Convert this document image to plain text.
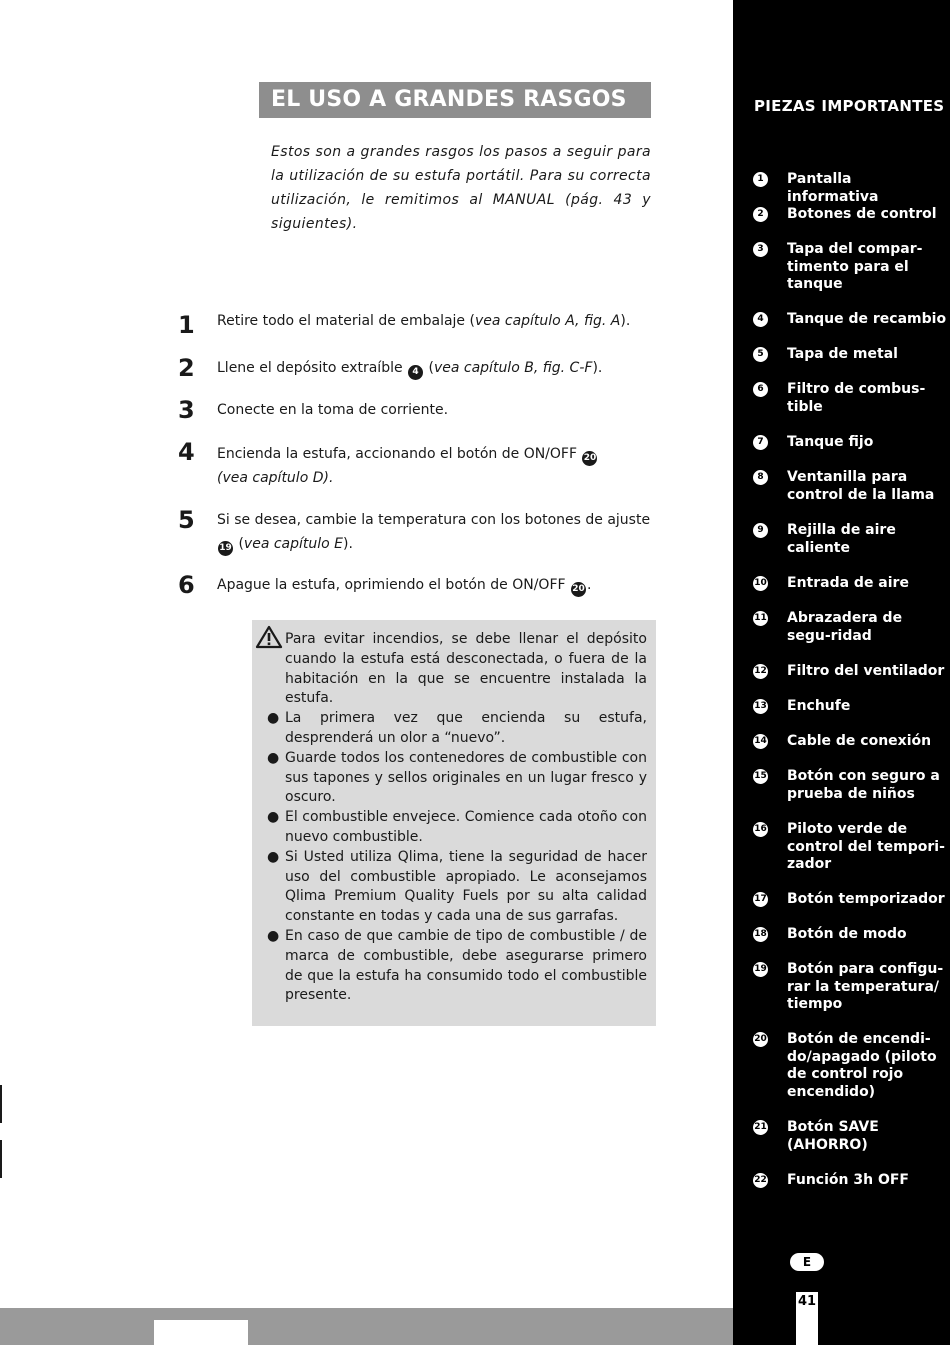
EL USO A GRANDES RASGOS
Estos son a grandes rasgos los pasos a seguir para la utilización de su estufa portátil. Para su correcta utilización, le remitimos al MANUAL (pág. 43 y siguientes).
1 Retire todo el material de embalaje (vea capítulo A, fig. A).
2 Llene el depósito extraíble 4 (vea capítulo B, fig. C-F).
3 Conecte en la toma de corriente.
4 Encienda la estufa, accionando el botón de ON/OFF 20
(vea capítulo D).
5 Si se desea, cambie la temperatura con los botones de ajuste
19 (vea capítulo E).
6 Apague la estufa, oprimiendo el botón de ON/OFF 20 .
Para evitar incendios, se debe llenar el depósito cuando la estufa está desconectada, o fuera de la habitación en la que se encuentre instalada la estufa.
● La primera vez que encienda su estufa, desprenderá un olor a “nuevo”.
● Guarde todos los contenedores de combustible con sus tapones y sellos originales en un lugar fresco y oscuro.
● El combustible envejece. Comience cada otoño con nuevo combustible.
● Si Usted utiliza Qlima, tiene la seguridad de hacer uso del combustible apropiado. Le aconsejamos Qlima Premium Quality Fuels por su alta calidad constante en todas y cada una de sus garrafas.
● En caso de que cambie de tipo de combustible / de marca de combustible, debe asegurarse primero de que la estufa ha consumido todo el combustible presente.
PIEZAS IMPORTANTES
1	Pantalla informativa
2	Botones de control
3	Tapa del compar-timento para el tanque
4	Tanque de recambio
5	Tapa de metal
6	Filtro de combus-tible
7	Tanque fijo
8	Ventanilla para control de la llama
9	Rejilla de aire caliente
10 Entrada de aire
11 Abrazadera de segu-ridad
12 Filtro del ventilador
13 Enchufe
14 Cable de conexión
15 Botón con seguro a prueba de niños
16 Piloto verde de control del tempori-zador
17 Botón temporizador
18 Botón de modo
19 Botón para configu-rar la temperatura/ tiempo
20 Botón de encendi-do/apagado (piloto de control rojo encendido)
21 Botón SAVE (AHORRO)
22 Función 3h OFF
E
41
